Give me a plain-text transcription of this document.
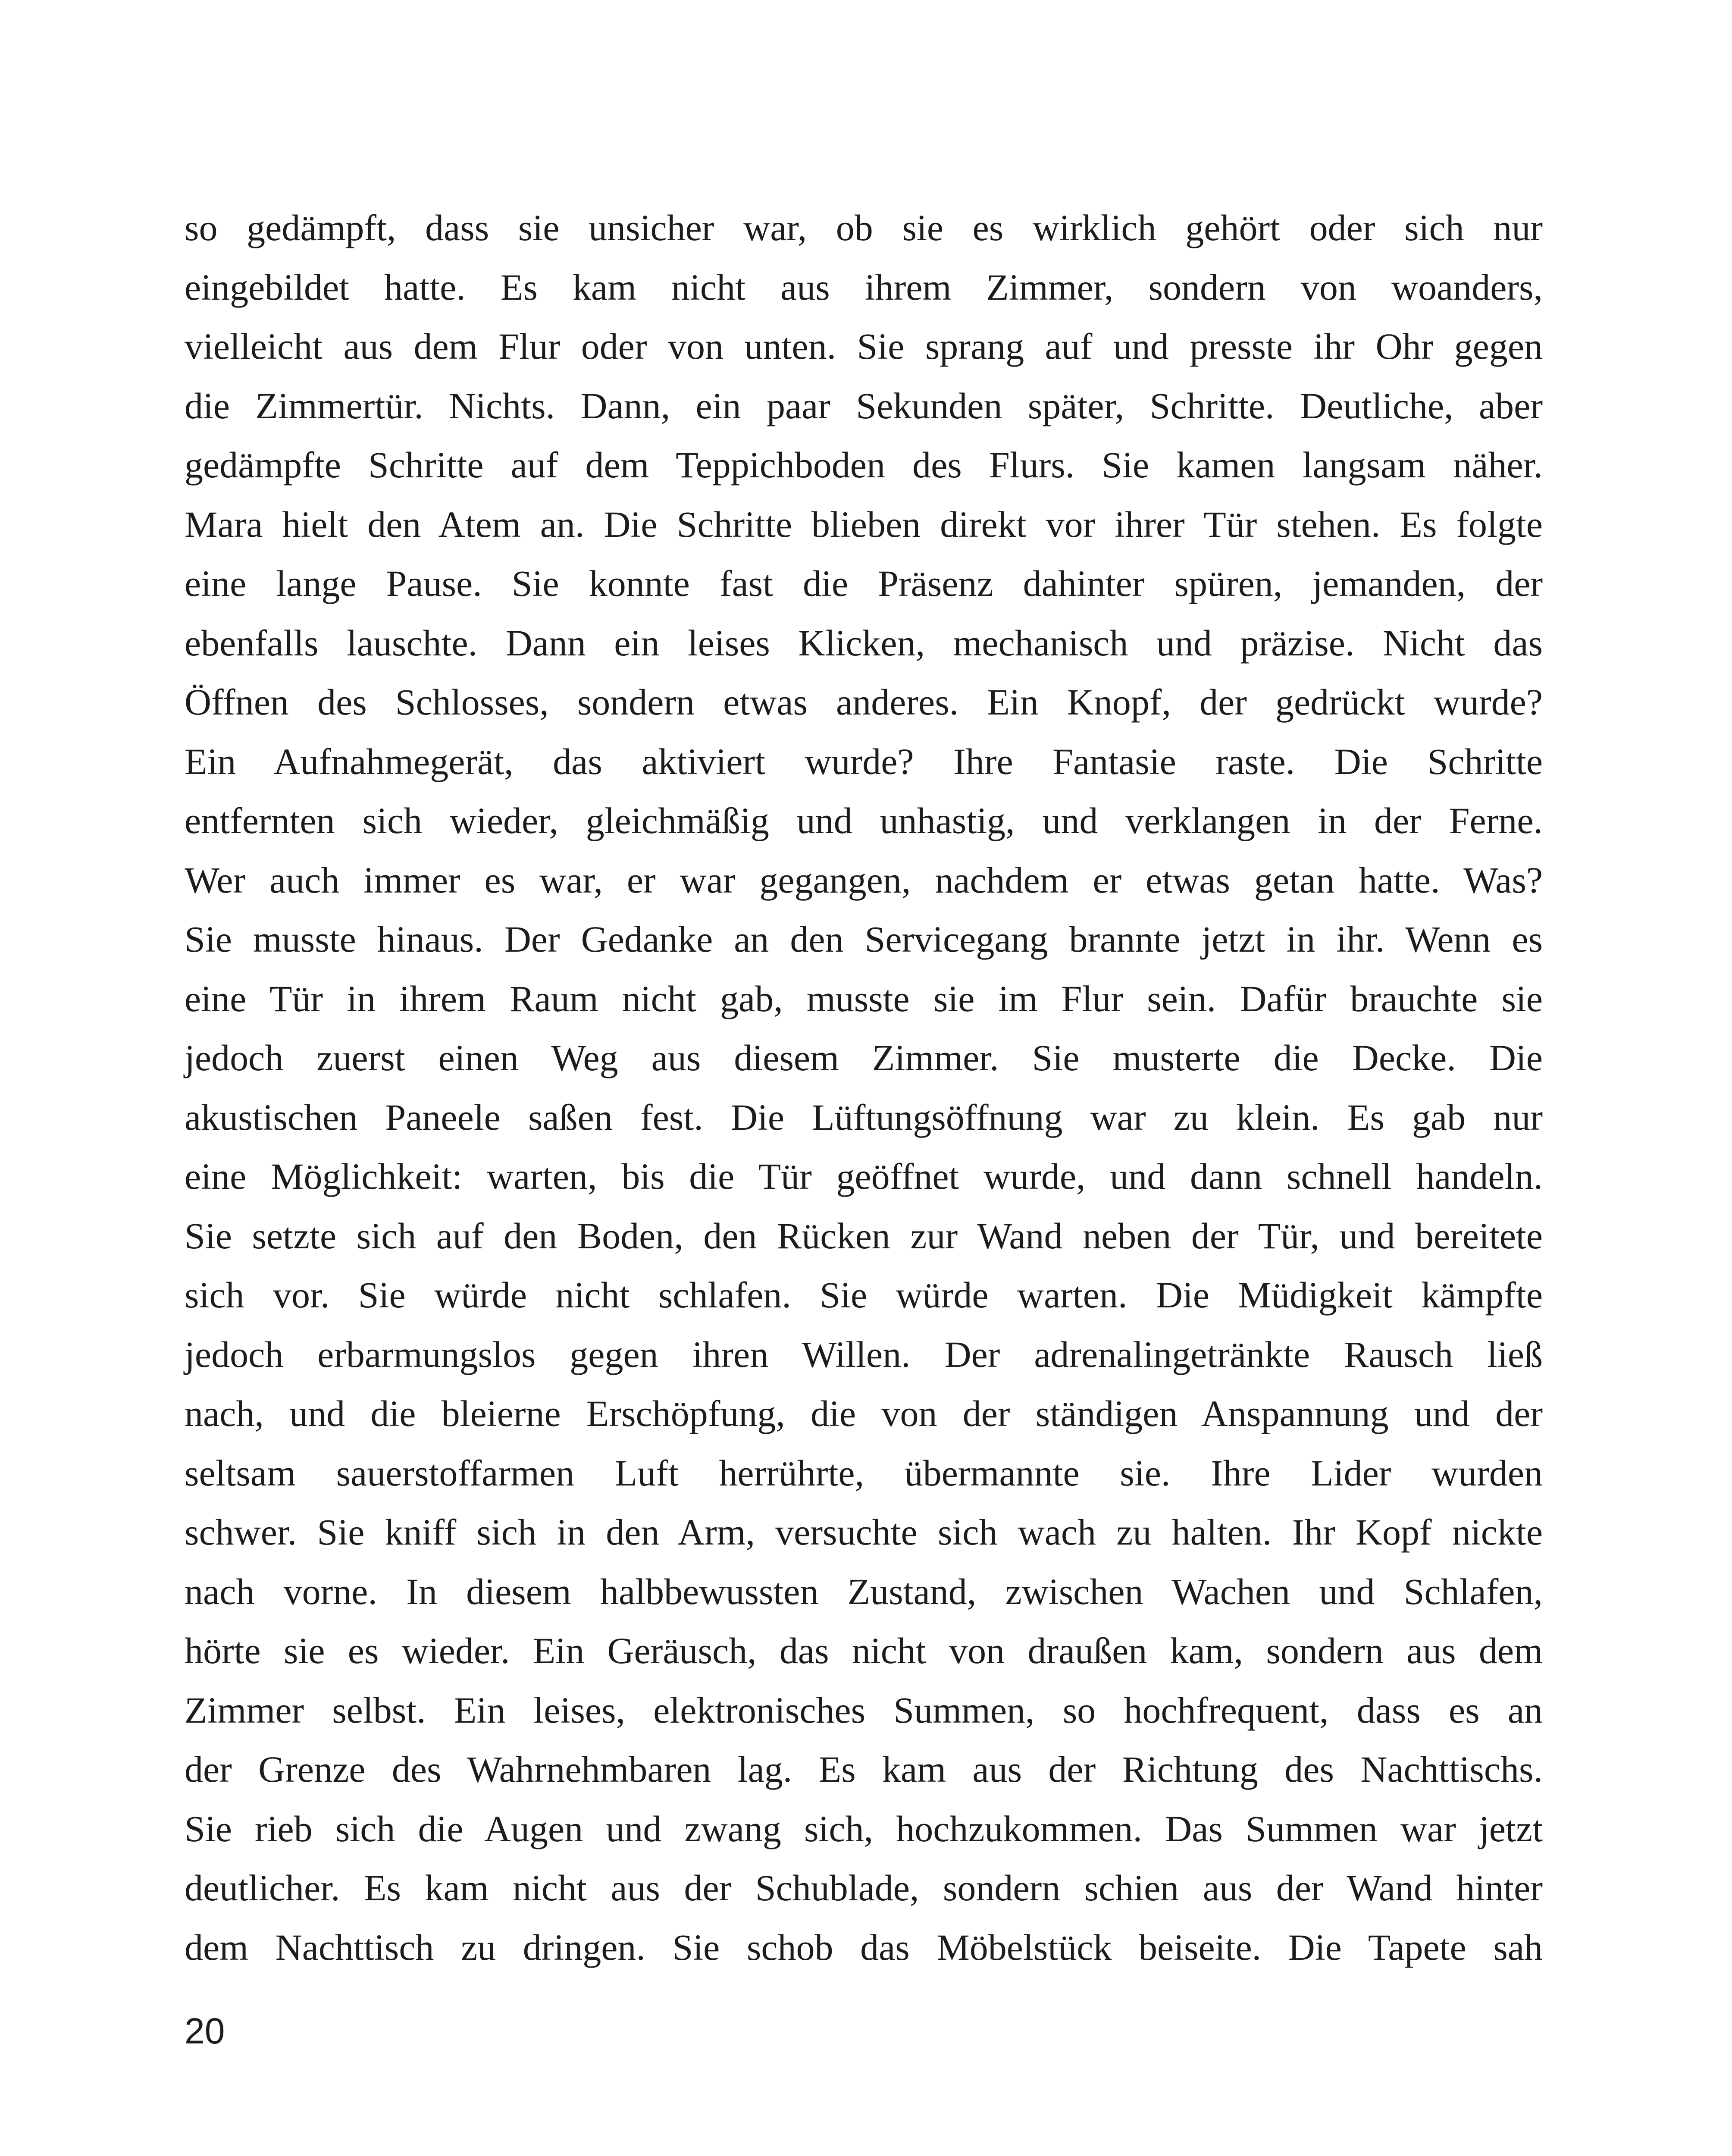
so gedämpft, dass sie unsicher war, ob sie es wirklich gehört oder sich nur
eingebildet hatte. Es kam nicht aus ihrem Zimmer, sondern von woanders,
vielleicht aus dem Flur oder von unten. Sie sprang auf und presste ihr Ohr gegen
die Zimmertür. Nichts. Dann, ein paar Sekunden später, Schritte. Deutliche, aber
gedämpfte Schritte auf dem Teppichboden des Flurs. Sie kamen langsam näher.
Mara hielt den Atem an. Die Schritte blieben direkt vor ihrer Tür stehen. Es folgte
eine lange Pause. Sie konnte fast die Präsenz dahinter spüren, jemanden, der
ebenfalls lauschte. Dann ein leises Klicken, mechanisch und präzise. Nicht das
Öffnen des Schlosses, sondern etwas anderes. Ein Knopf, der gedrückt wurde?
Ein Aufnahmegerät, das aktiviert wurde? Ihre Fantasie raste. Die Schritte
entfernten sich wieder, gleichmäßig und unhastig, und verklangen in der Ferne.
Wer auch immer es war, er war gegangen, nachdem er etwas getan hatte. Was?
Sie musste hinaus. Der Gedanke an den Servicegang brannte jetzt in ihr. Wenn es
eine Tür in ihrem Raum nicht gab, musste sie im Flur sein. Dafür brauchte sie
jedoch zuerst einen Weg aus diesem Zimmer. Sie musterte die Decke. Die
akustischen Paneele saßen fest. Die Lüftungsöffnung war zu klein. Es gab nur
eine Möglichkeit: warten, bis die Tür geöffnet wurde, und dann schnell handeln.
Sie setzte sich auf den Boden, den Rücken zur Wand neben der Tür, und bereitete
sich vor. Sie würde nicht schlafen. Sie würde warten. Die Müdigkeit kämpfte
jedoch erbarmungslos gegen ihren Willen. Der adrenalingetränkte Rausch ließ
nach, und die bleierne Erschöpfung, die von der ständigen Anspannung und der
seltsam sauerstoffarmen Luft herrührte, übermannte sie. Ihre Lider wurden
schwer. Sie kniff sich in den Arm, versuchte sich wach zu halten. Ihr Kopf nickte
nach vorne. In diesem halbbewussten Zustand, zwischen Wachen und Schlafen,
hörte sie es wieder. Ein Geräusch, das nicht von draußen kam, sondern aus dem
Zimmer selbst. Ein leises, elektronisches Summen, so hochfrequent, dass es an
der Grenze des Wahrnehmbaren lag. Es kam aus der Richtung des Nachttischs.
Sie rieb sich die Augen und zwang sich, hochzukommen. Das Summen war jetzt
deutlicher. Es kam nicht aus der Schublade, sondern schien aus der Wand hinter
dem Nachttisch zu dringen. Sie schob das Möbelstück beiseite. Die Tapete sah
20
